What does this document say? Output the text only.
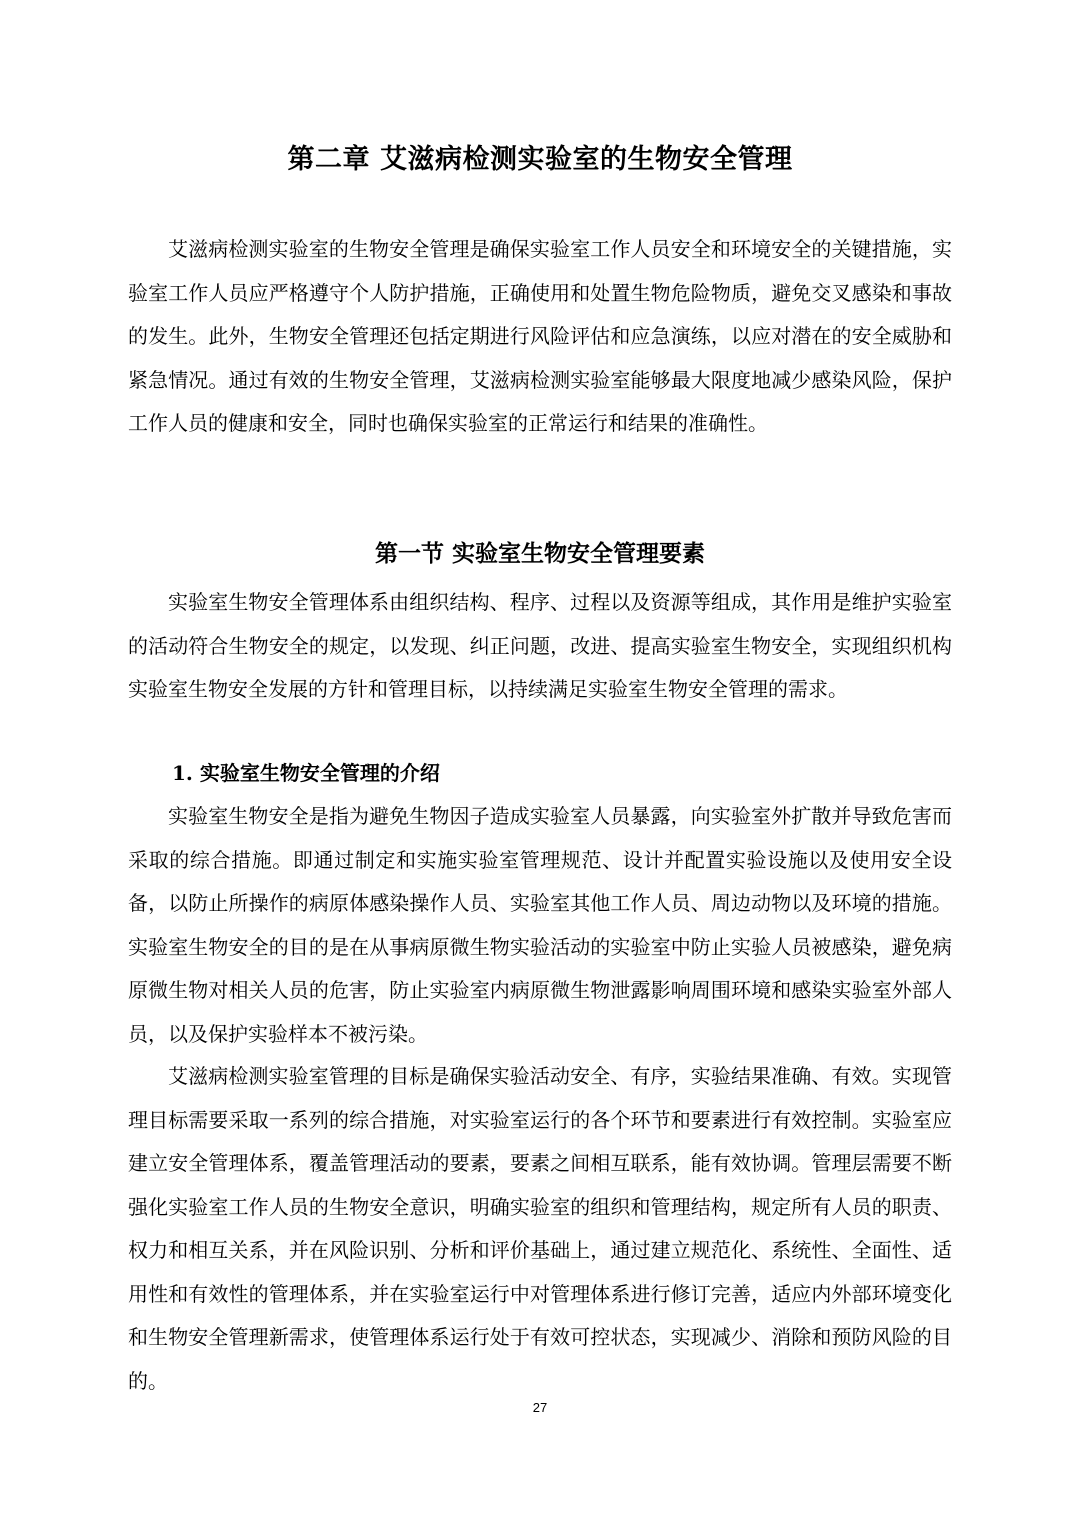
第二章 艾滋病检测实验室的生物安全管理

艾滋病检测实验室的生物安全管理是确保实验室工作人员安全和环境安全的关键措施，实验室工作人员应严格遵守个人防护措施，正确使用和处置生物危险物质，避免交叉感染和事故的发生。此外，生物安全管理还包括定期进行风险评估和应急演练，以应对潜在的安全威胁和紧急情况。通过有效的生物安全管理，艾滋病检测实验室能够最大限度地减少感染风险，保护工作人员的健康和安全，同时也确保实验室的正常运行和结果的准确性。

第一节 实验室生物安全管理要素

实验室生物安全管理体系由组织结构、程序、过程以及资源等组成，其作用是维护实验室的活动符合生物安全的规定，以发现、纠正问题，改进、提高实验室生物安全，实现组织机构实验室生物安全发展的方针和管理目标，以持续满足实验室生物安全管理的需求。

1. 实验室生物安全管理的介绍

实验室生物安全是指为避免生物因子造成实验室人员暴露，向实验室外扩散并导致危害而采取的综合措施。即通过制定和实施实验室管理规范、设计并配置实验设施以及使用安全设备，以防止所操作的病原体感染操作人员、实验室其他工作人员、周边动物以及环境的措施。实验室生物安全的目的是在从事病原微生物实验活动的实验室中防止实验人员被感染，避免病原微生物对相关人员的危害，防止实验室内病原微生物泄露影响周围环境和感染实验室外部人员，以及保护实验样本不被污染。

艾滋病检测实验室管理的目标是确保实验活动安全、有序，实验结果准确、有效。实现管理目标需要采取一系列的综合措施，对实验室运行的各个环节和要素进行有效控制。实验室应建立安全管理体系，覆盖管理活动的要素，要素之间相互联系，能有效协调。管理层需要不断强化实验室工作人员的生物安全意识，明确实验室的组织和管理结构，规定所有人员的职责、权力和相互关系，并在风险识别、分析和评价基础上，通过建立规范化、系统性、全面性、适用性和有效性的管理体系，并在实验室运行中对管理体系进行修订完善，适应内外部环境变化和生物安全管理新需求，使管理体系运行处于有效可控状态，实现减少、消除和预防风险的目的。

27
